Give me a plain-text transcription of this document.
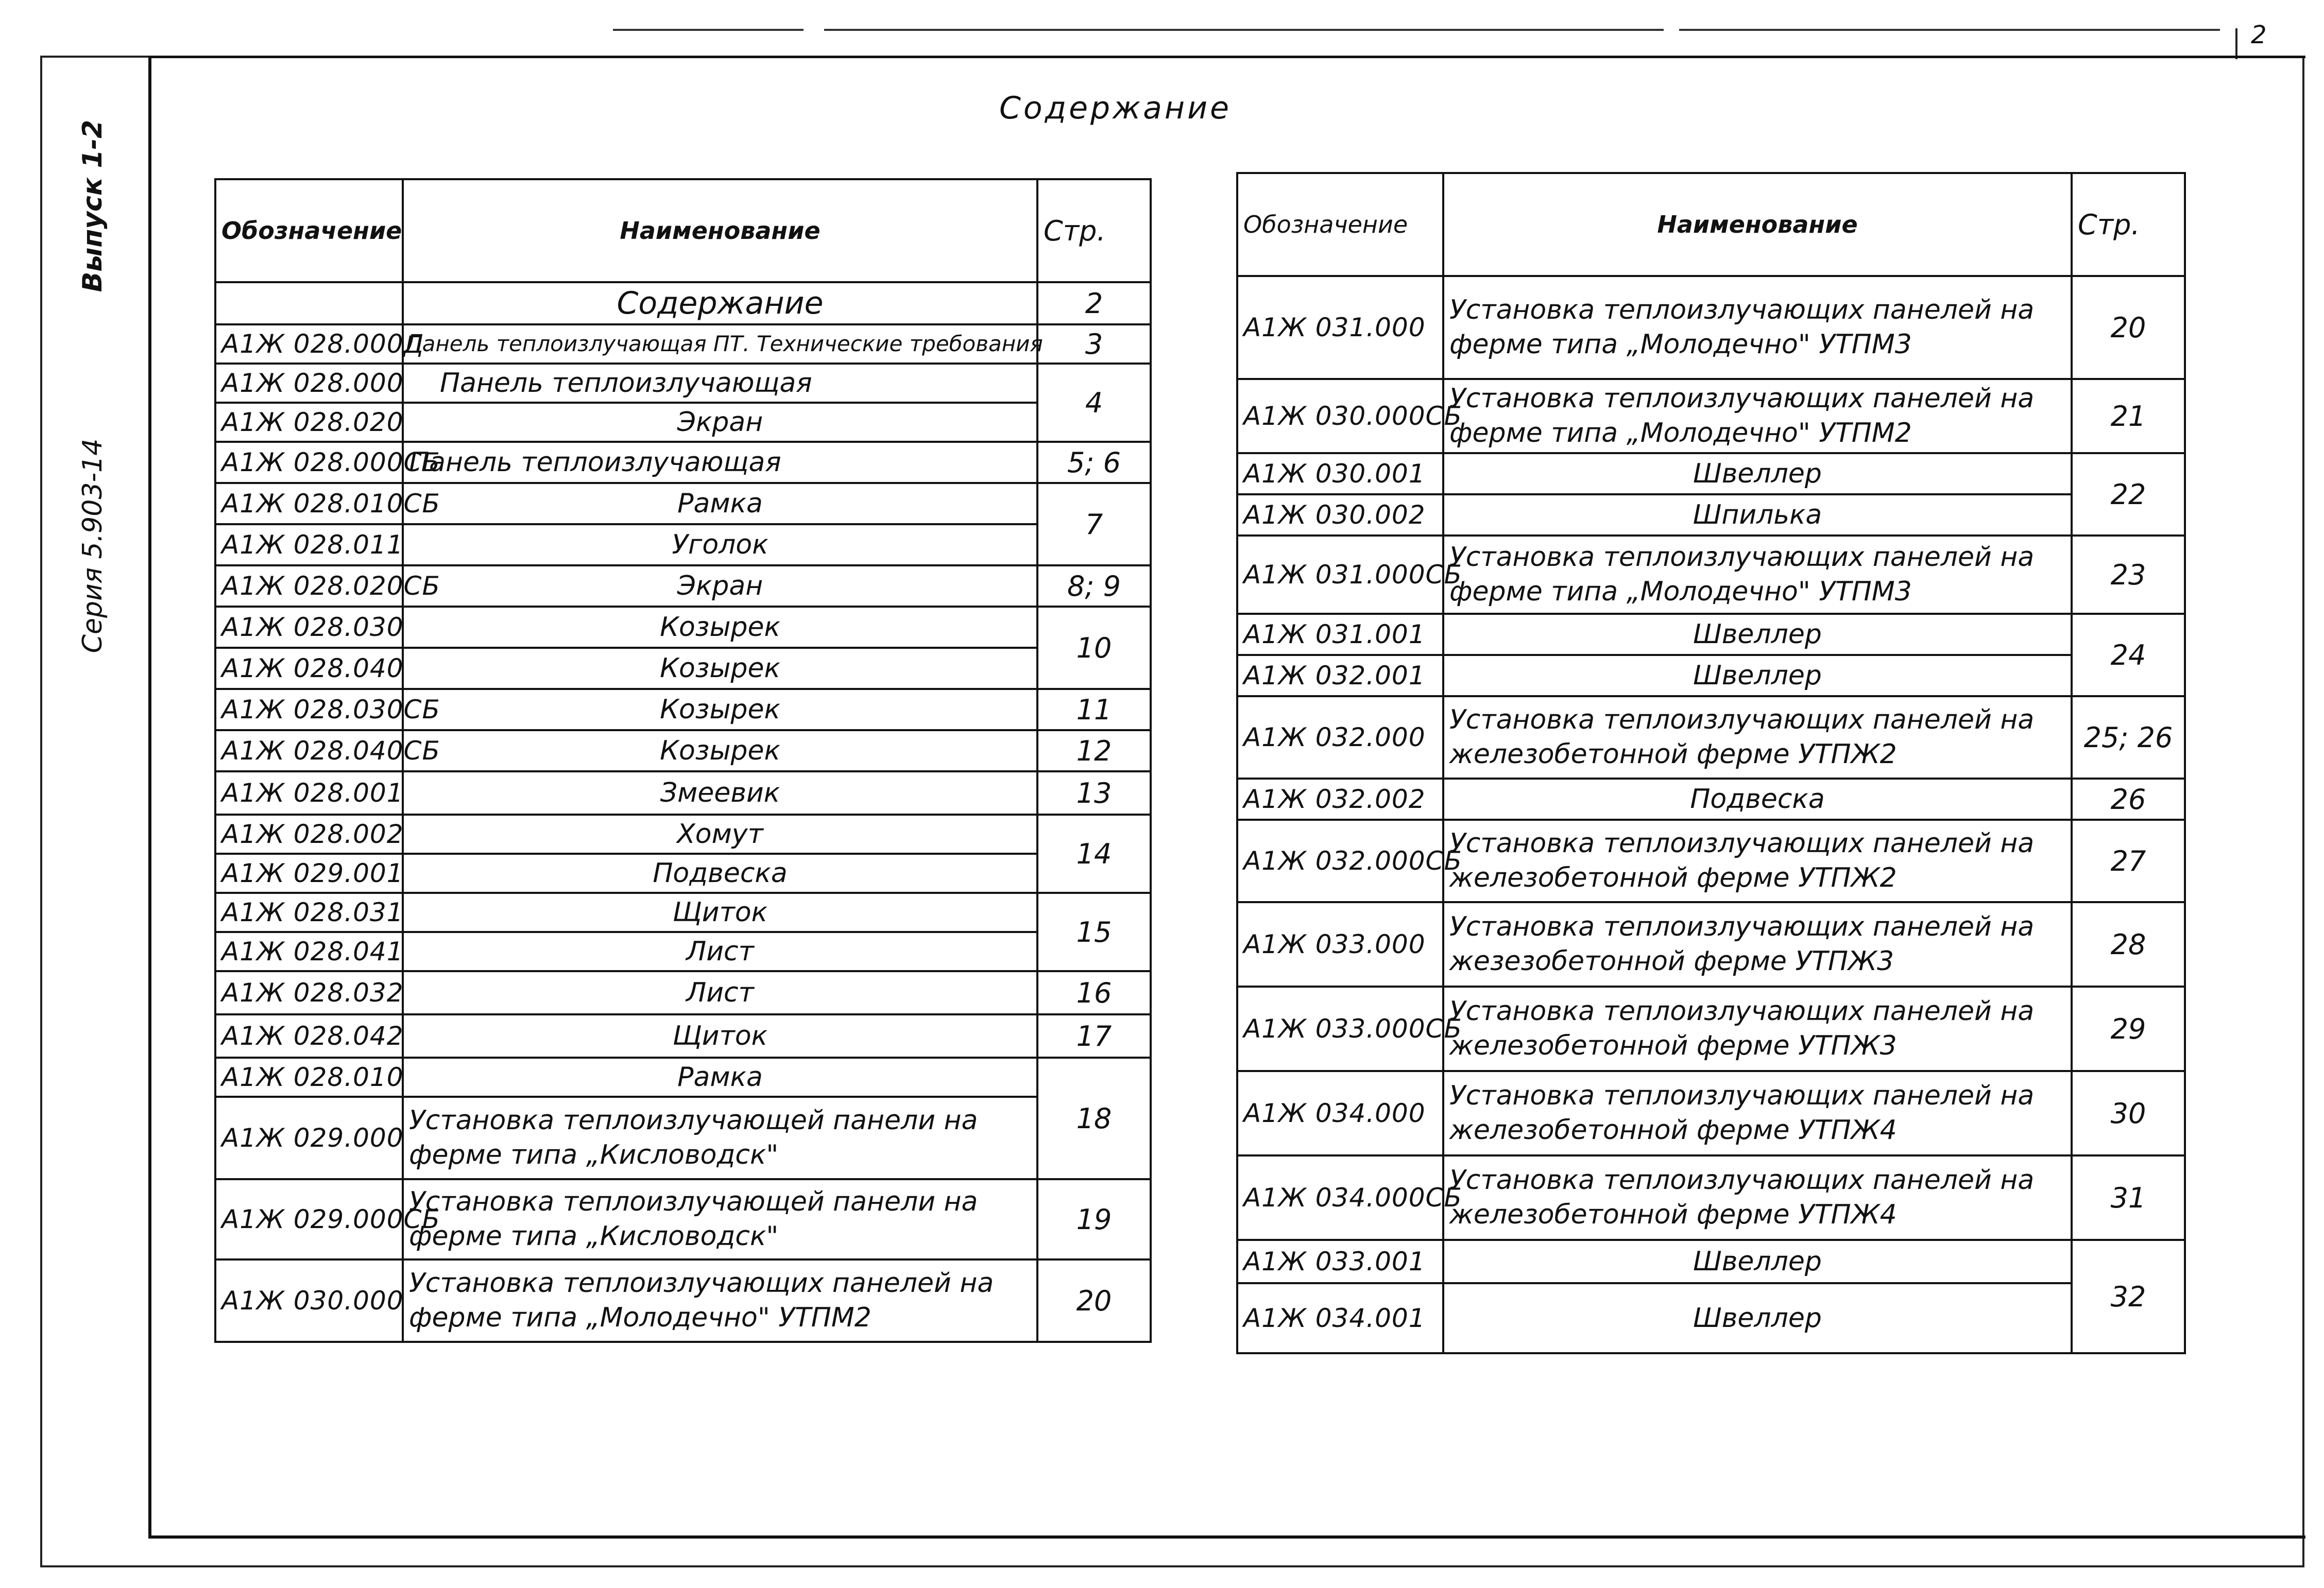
2
Выпуск 1-2
Серия 5.903-14
Содержание
Обозначение	Наименование	Стр.
	Содержание	2
А1Ж 028.000Д	Панель теплоизлучающая ПТ. Технические требования	3
А1Ж 028.000	Панель теплоизлучающая	4
А1Ж 028.020	Экран	
А1Ж 028.000СБ	Панель теплоизлучающая	5; 6
А1Ж 028.010СБ	Рамка	7
А1Ж 028.011	Уголок	
А1Ж 028.020СБ	Экран	8; 9
А1Ж 028.030	Козырек	10
А1Ж 028.040	Козырек	
А1Ж 028.030СБ	Козырек	11
А1Ж 028.040СБ	Козырек	12
А1Ж 028.001	Змеевик	13
А1Ж 028.002	Хомут	14
А1Ж 029.001	Подвеска	
А1Ж 028.031	Щиток	15
А1Ж 028.041	Лист	
А1Ж 028.032	Лист	16
А1Ж 028.042	Щиток	17
А1Ж 028.010	Рамка	18
А1Ж 029.000	Установка теплоизлучающей панели на ферме типа „Кисловодск"	
А1Ж 029.000СБ	Установка теплоизлучающей панели на ферме типа „Кисловодск"	19
А1Ж 030.000	Установка теплоизлучающих панелей на ферме типа „Молодечно" УТПМ2	20
Обозначение	Наименование	Стр.
А1Ж 031.000	Установка теплоизлучающих панелей на ферме типа „Молодечно" УТПМ3	20
А1Ж 030.000СБ	Установка теплоизлучающих панелей на ферме типа „Молодечно" УТПМ2	21
А1Ж 030.001	Швеллер	22
А1Ж 030.002	Шпилька	
А1Ж 031.000СБ	Установка теплоизлучающих панелей на ферме типа „Молодечно" УТПМ3	23
А1Ж 031.001	Швеллер	24
А1Ж 032.001	Швеллер	
А1Ж 032.000	Установка теплоизлучающих панелей на железобетонной ферме УТПЖ2	25; 26
А1Ж 032.002	Подвеска	26
А1Ж 032.000СБ	Установка теплоизлучающих панелей на железобетонной ферме УТПЖ2	27
А1Ж 033.000	Установка теплоизлучающих панелей на жезезобетонной ферме УТПЖ3	28
А1Ж 033.000СБ	Установка теплоизлучающих панелей на железобетонной ферме УТПЖ3	29
А1Ж 034.000	Установка теплоизлучающих панелей на железобетонной ферме УТПЖ4	30
А1Ж 034.000СБ	Установка теплоизлучающих панелей на железобетонной ферме УТПЖ4	31
А1Ж 033.001	Швеллер	32
А1Ж 034.001	Швеллер	
